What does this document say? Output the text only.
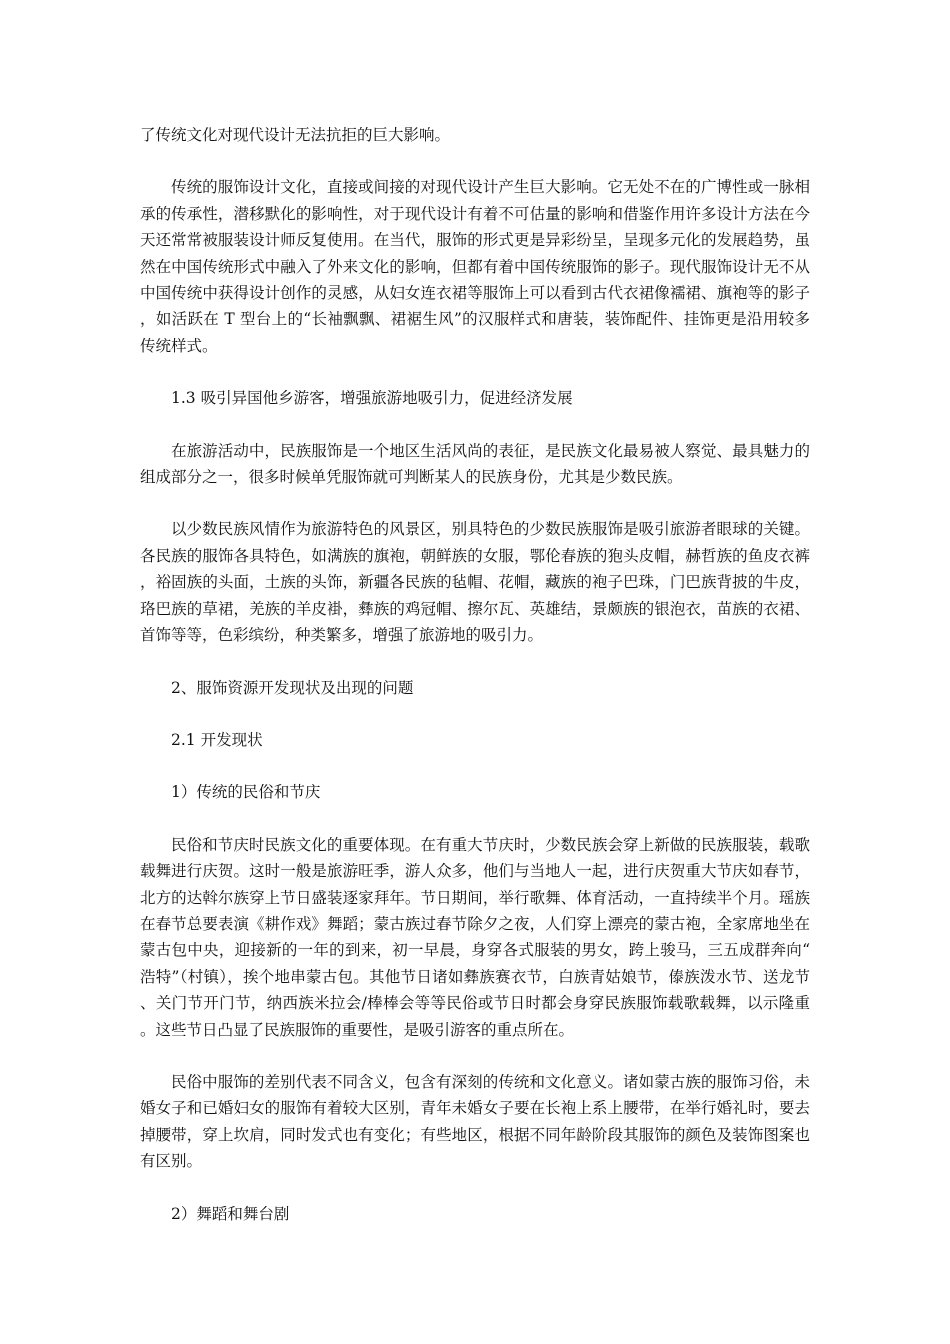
了传统文化对现代设计无法抗拒的巨大影响。

传统的服饰设计文化，直接或间接的对现代设计产生巨大影响。它无处不在的广博性或一脉相承的传承性，潜移默化的影响性，对于现代设计有着不可估量的影响和借鉴作用许多设计方法在今天还常常被服装设计师反复使用。在当代，服饰的形式更是异彩纷呈，呈现多元化的发展趋势，虽然在中国传统形式中融入了外来文化的影响，但都有着中国传统服饰的影子。现代服饰设计无不从中国传统中获得设计创作的灵感，从妇女连衣裙等服饰上可以看到古代衣裙像襦裙、旗袍等的影子，如活跃在 T 型台上的“长袖飘飘、裙裾生风”的汉服样式和唐装，装饰配件、挂饰更是沿用较多传统样式。

1.3 吸引异国他乡游客，增强旅游地吸引力，促进经济发展

在旅游活动中，民族服饰是一个地区生活风尚的表征，是民族文化最易被人察觉、最具魅力的组成部分之一，很多时候单凭服饰就可判断某人的民族身份，尤其是少数民族。

以少数民族风情作为旅游特色的风景区，别具特色的少数民族服饰是吸引旅游者眼球的关键。各民族的服饰各具特色，如满族的旗袍，朝鲜族的女服，鄂伦春族的狍头皮帽，赫哲族的鱼皮衣裤，裕固族的头面，土族的头饰，新疆各民族的毡帽、花帽，藏族的袍子巴珠，门巴族背披的牛皮，珞巴族的草裙，羌族的羊皮褂，彝族的鸡冠帽、擦尔瓦、英雄结，景颇族的银泡衣，苗族的衣裙、首饰等等，色彩缤纷，种类繁多，增强了旅游地的吸引力。

2、服饰资源开发现状及出现的问题

2.1 开发现状

1）传统的民俗和节庆

民俗和节庆时民族文化的重要体现。在有重大节庆时，少数民族会穿上新做的民族服装，载歌载舞进行庆贺。这时一般是旅游旺季，游人众多，他们与当地人一起，进行庆贺重大节庆如春节，北方的达斡尔族穿上节日盛装逐家拜年。节日期间，举行歌舞、体育活动，一直持续半个月。瑶族在春节总要表演《耕作戏》舞蹈；蒙古族过春节除夕之夜，人们穿上漂亮的蒙古袍，全家席地坐在蒙古包中央，迎接新的一年的到来，初一早晨，身穿各式服装的男女，跨上骏马，三五成群奔向“浩特”（村镇），挨个地串蒙古包。其他节日诸如彝族赛衣节，白族青姑娘节，傣族泼水节、送龙节、关门节开门节，纳西族米拉会/棒棒会等等民俗或节日时都会身穿民族服饰载歌载舞，以示隆重。这些节日凸显了民族服饰的重要性，是吸引游客的重点所在。

民俗中服饰的差别代表不同含义，包含有深刻的传统和文化意义。诸如蒙古族的服饰习俗，未婚女子和已婚妇女的服饰有着较大区别，青年未婚女子要在长袍上系上腰带，在举行婚礼时，要去掉腰带，穿上坎肩，同时发式也有变化；有些地区，根据不同年龄阶段其服饰的颜色及装饰图案也有区别。

2）舞蹈和舞台剧
